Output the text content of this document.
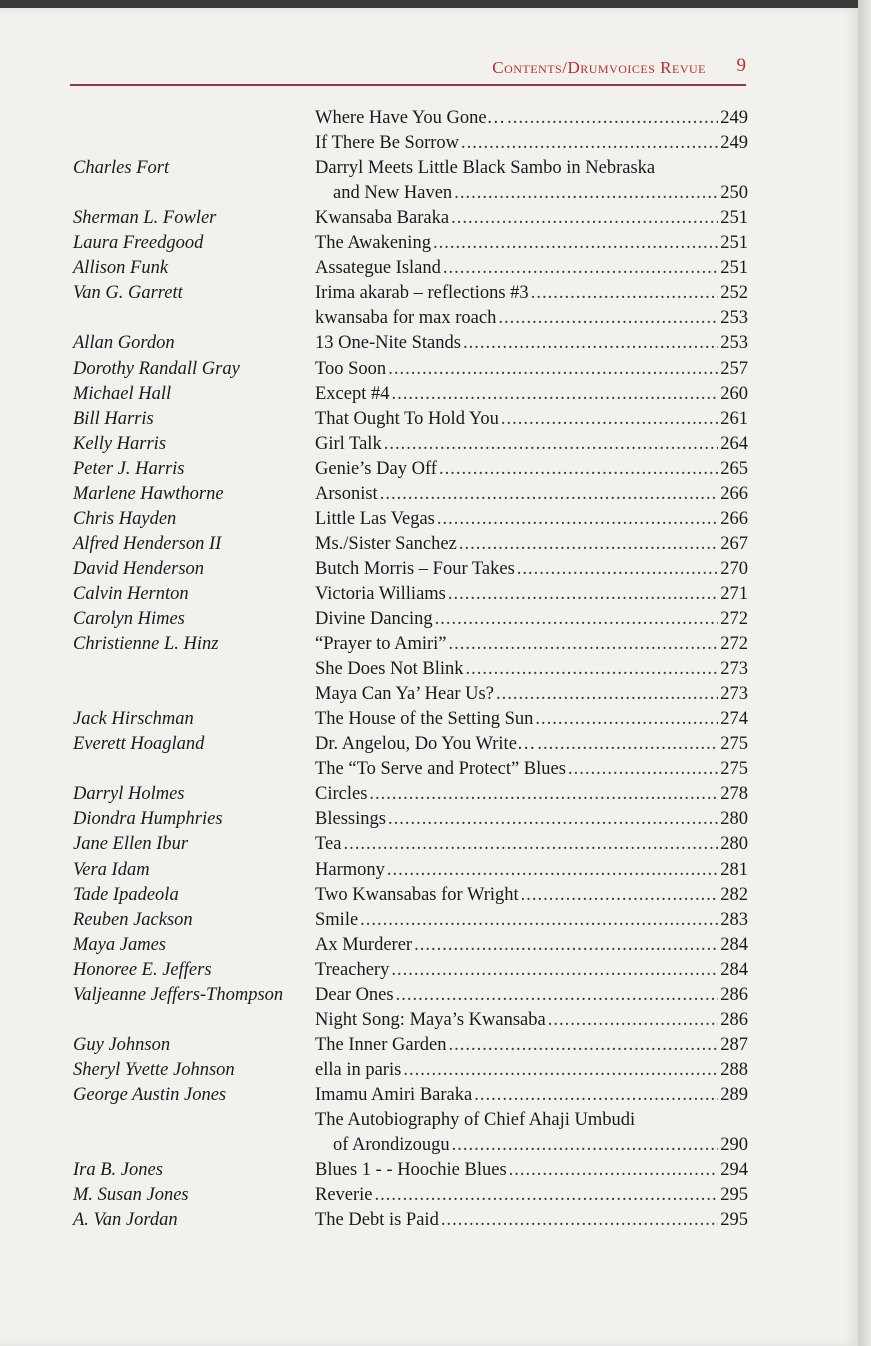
Contents/Drumvoices Revue 9
Where Have You Gone… .....	249
If There Be Sorrow .....	249
Charles Fort	Darryl Meets Little Black Sambo in Nebraska
and New Haven .....	250
Sherman L. Fowler	Kwansaba Baraka .....	251
Laura Freedgood	The Awakening .....	251
Allison Funk	Assategue Island .....	251
Van G. Garrett	Irima akarab – reflections #3 .....	252
kwansaba for max roach .....	253
Allan Gordon	13 One-Nite Stands .....	253
Dorothy Randall Gray	Too Soon .....	257
Michael Hall	Except #4 .....	260
Bill Harris	That Ought To Hold You .....	261
Kelly Harris	Girl Talk .....	264
Peter J. Harris	Genie’s Day Off .....	265
Marlene Hawthorne	Arsonist .....	266
Chris Hayden	Little Las Vegas .....	266
Alfred Henderson II	Ms./Sister Sanchez .....	267
David Henderson	Butch Morris – Four Takes .....	270
Calvin Hernton	Victoria Williams .....	271
Carolyn Himes	Divine Dancing .....	272
Christienne L. Hinz	“Prayer to Amiri” .....	272
She Does Not Blink .....	273
Maya Can Ya’ Hear Us? .....	273
Jack Hirschman	The House of the Setting Sun .....	274
Everett Hoagland	Dr. Angelou, Do You Write… .....	275
The “To Serve and Protect” Blues .....	275
Darryl Holmes	Circles .....	278
Diondra Humphries	Blessings .....	280
Jane Ellen Ibur	Tea .....	280
Vera Idam	Harmony .....	281
Tade Ipadeola	Two Kwansabas for Wright .....	282
Reuben Jackson	Smile .....	283
Maya James	Ax Murderer .....	284
Honoree E. Jeffers	Treachery .....	284
Valjeanne Jeffers-Thompson Dear Ones .....	286
Night Song: Maya’s Kwansaba .....	286
Guy Johnson	The Inner Garden .....	287
Sheryl Yvette Johnson	ella in paris .....	288
George Austin Jones	Imamu Amiri Baraka .....	289
The Autobiography of Chief Ahaji Umbudi
of Arondizougu .....	290
Ira B. Jones	Blues 1 - - Hoochie Blues .....	294
M. Susan Jones	Reverie .....	295
A. Van Jordan	The Debt is Paid .....	295
